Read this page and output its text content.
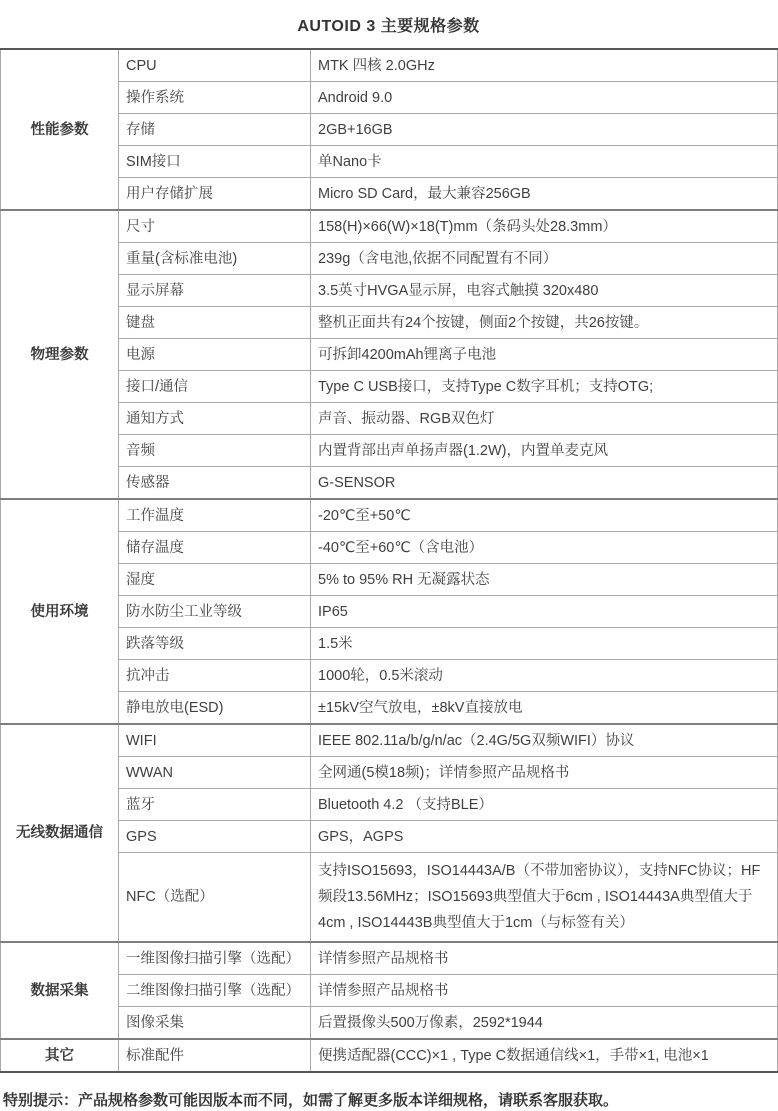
AUTOID 3 主要规格参数
性能参数	CPU	MTK 四核 2.0GHz
	操作系统	Android 9.0
	存储	2GB+16GB
	SIM接口	单Nano卡
	用户存储扩展	Micro SD Card，最大兼容256GB
物理参数	尺寸	158(H)×66(W)×18(T)mm（条码头处28.3mm）
	重量(含标准电池)	239g（含电池,依据不同配置有不同）
	显示屏幕	3.5英寸HVGA显示屏，电容式触摸 320x480
	键盘	整机正面共有24个按键，侧面2个按键，共26按键。
	电源	可拆卸4200mAh锂离子电池
	接口/通信	Type C USB接口，支持Type C数字耳机；支持OTG;
	通知方式	声音、振动器、RGB双色灯
	音频	内置背部出声单扬声器(1.2W)，内置单麦克风
	传感器	G-SENSOR
使用环境	工作温度	-20℃至+50℃
	储存温度	-40℃至+60℃（含电池）
	湿度	5% to 95% RH 无凝露状态
	防水防尘工业等级	IP65
	跌落等级	1.5米
	抗冲击	1000轮，0.5米滚动
	静电放电(ESD)	±15kV空气放电，±8kV直接放电
无线数据通信	WIFI	IEEE 802.11a/b/g/n/ac（2.4G/5G双频WIFI）协议
	WWAN	全网通(5模18频)；详情参照产品规格书
	蓝牙	Bluetooth 4.2 （支持BLE）
	GPS	GPS，AGPS
	NFC（选配）	支持ISO15693，ISO14443A/B（不带加密协议），支持NFC协议；HF频段13.56MHz；ISO15693典型值大于6cm , ISO14443A典型值大于4cm , ISO14443B典型值大于1cm（与标签有关）
数据采集	一维图像扫描引擎（选配）	详情参照产品规格书
	二维图像扫描引擎（选配）	详情参照产品规格书
	图像采集	后置摄像头500万像素，2592*1944
其它	标准配件	便携适配器(CCC)×1 , Type C数据通信线×1，手带×1, 电池×1

特别提示：产品规格参数可能因版本而不同，如需了解更多版本详细规格，请联系客服获取。
